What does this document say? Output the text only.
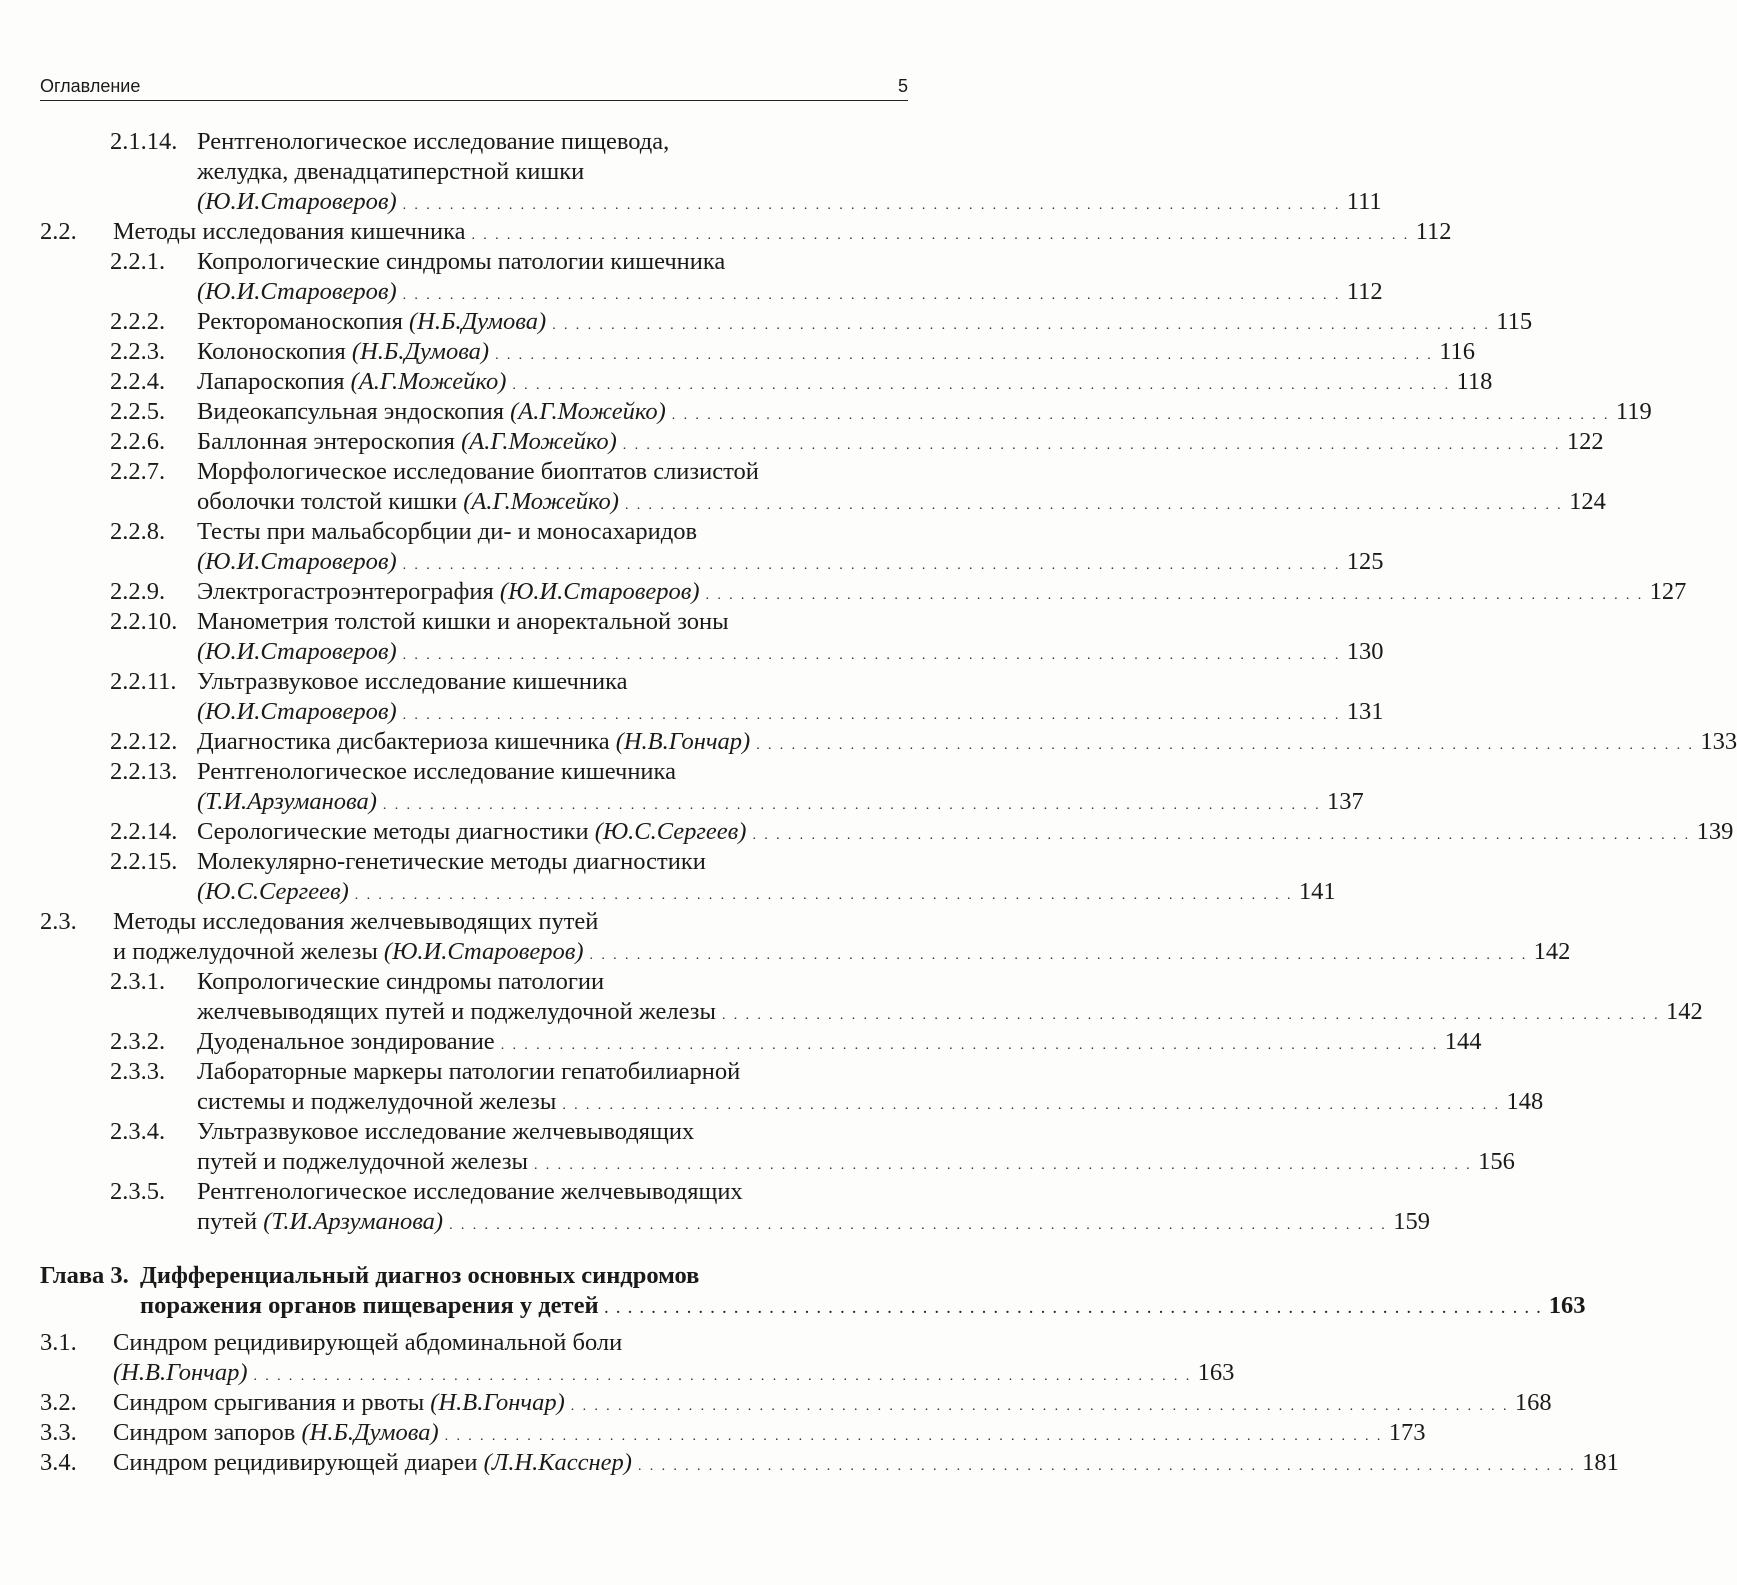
Оглавление	5
2.1.14. Рентгенологическое исследование пищевода,
желудка, двенадцатиперстной кишки
(Ю.И.Староверов) . . . . . . . . . . . . . . . . . . . . . . . . . . . . . . . . . . . . . . . . . . . . . . . . . . . . . . . . . . . . . . . . . . . . . . . . . . . . . . . . 111
2.2. Методы исследования кишечника . . . . . . . . . . . . . . . . . . . . . . . . . . . . . . . . . . . . . . . . . . . . . . . . . . . . . . . . . . . . . . . . . . . . . . . . . . . . . . . . 112
2.2.1. Копрологические синдромы патологии кишечника
(Ю.И.Староверов) . . . . . . . . . . . . . . . . . . . . . . . . . . . . . . . . . . . . . . . . . . . . . . . . . . . . . . . . . . . . . . . . . . . . . . . . . . . . . . . . 112
2.2.2. Ректороманоскопия (Н.Б.Думова) . . . . . . . . . . . . . . . . . . . . . . . . . . . . . . . . . . . . . . . . . . . . . . . . . . . . . . . . . . . . . . . . . . . . . . . . . . . . . . . . 115
2.2.3. Колоноскопия (Н.Б.Думова) . . . . . . . . . . . . . . . . . . . . . . . . . . . . . . . . . . . . . . . . . . . . . . . . . . . . . . . . . . . . . . . . . . . . . . . . . . . . . . . . 116
2.2.4. Лапароскопия (А.Г.Можейко) . . . . . . . . . . . . . . . . . . . . . . . . . . . . . . . . . . . . . . . . . . . . . . . . . . . . . . . . . . . . . . . . . . . . . . . . . . . . . . . . 118
2.2.5. Видеокапсульная эндоскопия (А.Г.Можейко) . . . . . . . . . . . . . . . . . . . . . . . . . . . . . . . . . . . . . . . . . . . . . . . . . . . . . . . . . . . . . . . . . . . . . . . . . . . . . . . . 119
2.2.6. Баллонная энтероскопия (А.Г.Можейко) . . . . . . . . . . . . . . . . . . . . . . . . . . . . . . . . . . . . . . . . . . . . . . . . . . . . . . . . . . . . . . . . . . . . . . . . . . . . . . . . 122
2.2.7. Морфологическое исследование биоптатов слизистой
оболочки толстой кишки (А.Г.Можейко) . . . . . . . . . . . . . . . . . . . . . . . . . . . . . . . . . . . . . . . . . . . . . . . . . . . . . . . . . . . . . . . . . . . . . . . . . . . . . . . . 124
2.2.8. Тесты при мальабсорбции ди- и моносахаридов
(Ю.И.Староверов) . . . . . . . . . . . . . . . . . . . . . . . . . . . . . . . . . . . . . . . . . . . . . . . . . . . . . . . . . . . . . . . . . . . . . . . . . . . . . . . . 125
2.2.9. Электрогастроэнтерография (Ю.И.Староверов) . . . . . . . . . . . . . . . . . . . . . . . . . . . . . . . . . . . . . . . . . . . . . . . . . . . . . . . . . . . . . . . . . . . . . . . . . . . . . . . . 127
2.2.10. Манометрия толстой кишки и аноректальной зоны
(Ю.И.Староверов) . . . . . . . . . . . . . . . . . . . . . . . . . . . . . . . . . . . . . . . . . . . . . . . . . . . . . . . . . . . . . . . . . . . . . . . . . . . . . . . . 130
2.2.11. Ультразвуковое исследование кишечника
(Ю.И.Староверов) . . . . . . . . . . . . . . . . . . . . . . . . . . . . . . . . . . . . . . . . . . . . . . . . . . . . . . . . . . . . . . . . . . . . . . . . . . . . . . . . 131
2.2.12. Диагностика дисбактериоза кишечника (Н.В.Гончар) . . . . . . . . . . . . . . . . . . . . . . . . . . . . . . . . . . . . . . . . . . . . . . . . . . . . . . . . . . . . . . . . . . . . . . . . . . . . . . . . 133
2.2.13. Рентгенологическое исследование кишечника
(Т.И.Арзуманова) . . . . . . . . . . . . . . . . . . . . . . . . . . . . . . . . . . . . . . . . . . . . . . . . . . . . . . . . . . . . . . . . . . . . . . . . . . . . . . . . 137
2.2.14. Серологические методы диагностики (Ю.С.Сергеев) . . . . . . . . . . . . . . . . . . . . . . . . . . . . . . . . . . . . . . . . . . . . . . . . . . . . . . . . . . . . . . . . . . . . . . . . . . . . . . . . 139
2.2.15. Молекулярно-генетические методы диагностики
(Ю.С.Сергеев) . . . . . . . . . . . . . . . . . . . . . . . . . . . . . . . . . . . . . . . . . . . . . . . . . . . . . . . . . . . . . . . . . . . . . . . . . . . . . . . . 141
2.3. Методы исследования желчевыводящих путей
и поджелудочной железы (Ю.И.Староверов) . . . . . . . . . . . . . . . . . . . . . . . . . . . . . . . . . . . . . . . . . . . . . . . . . . . . . . . . . . . . . . . . . . . . . . . . . . . . . . . . 142
2.3.1. Копрологические синдромы патологии
желчевыводящих путей и поджелудочной железы . . . . . . . . . . . . . . . . . . . . . . . . . . . . . . . . . . . . . . . . . . . . . . . . . . . . . . . . . . . . . . . . . . . . . . . . . . . . . . . . 142
2.3.2. Дуоденальное зондирование . . . . . . . . . . . . . . . . . . . . . . . . . . . . . . . . . . . . . . . . . . . . . . . . . . . . . . . . . . . . . . . . . . . . . . . . . . . . . . . . 144
2.3.3. Лабораторные маркеры патологии гепатобилиарной
системы и поджелудочной железы . . . . . . . . . . . . . . . . . . . . . . . . . . . . . . . . . . . . . . . . . . . . . . . . . . . . . . . . . . . . . . . . . . . . . . . . . . . . . . . . 148
2.3.4. Ультразвуковое исследование желчевыводящих
путей и поджелудочной железы . . . . . . . . . . . . . . . . . . . . . . . . . . . . . . . . . . . . . . . . . . . . . . . . . . . . . . . . . . . . . . . . . . . . . . . . . . . . . . . . 156
2.3.5. Рентгенологическое исследование желчевыводящих
путей (Т.И.Арзуманова) . . . . . . . . . . . . . . . . . . . . . . . . . . . . . . . . . . . . . . . . . . . . . . . . . . . . . . . . . . . . . . . . . . . . . . . . . . . . . . . . 159
Глава 3. Дифференциальный диагноз основных синдромов
поражения органов пищеварения у детей . . . . . . . . . . . . . . . . . . . . . . . . . . . . . . . . . . . . . . . . . . . . . . . . . . . . . . . . . . . . . . . . . . . . . . . . . . . . . . . . 163
3.1. Синдром рецидивирующей абдоминальной боли
(Н.В.Гончар) . . . . . . . . . . . . . . . . . . . . . . . . . . . . . . . . . . . . . . . . . . . . . . . . . . . . . . . . . . . . . . . . . . . . . . . . . . . . . . . . 163
3.2. Синдром срыгивания и рвоты (Н.В.Гончар) . . . . . . . . . . . . . . . . . . . . . . . . . . . . . . . . . . . . . . . . . . . . . . . . . . . . . . . . . . . . . . . . . . . . . . . . . . . . . . . . 168
3.3. Синдром запоров (Н.Б.Думова) . . . . . . . . . . . . . . . . . . . . . . . . . . . . . . . . . . . . . . . . . . . . . . . . . . . . . . . . . . . . . . . . . . . . . . . . . . . . . . . . 173
3.4. Синдром рецидивирующей диареи (Л.Н.Касснер) . . . . . . . . . . . . . . . . . . . . . . . . . . . . . . . . . . . . . . . . . . . . . . . . . . . . . . . . . . . . . . . . . . . . . . . . . . . . . . . . 181
